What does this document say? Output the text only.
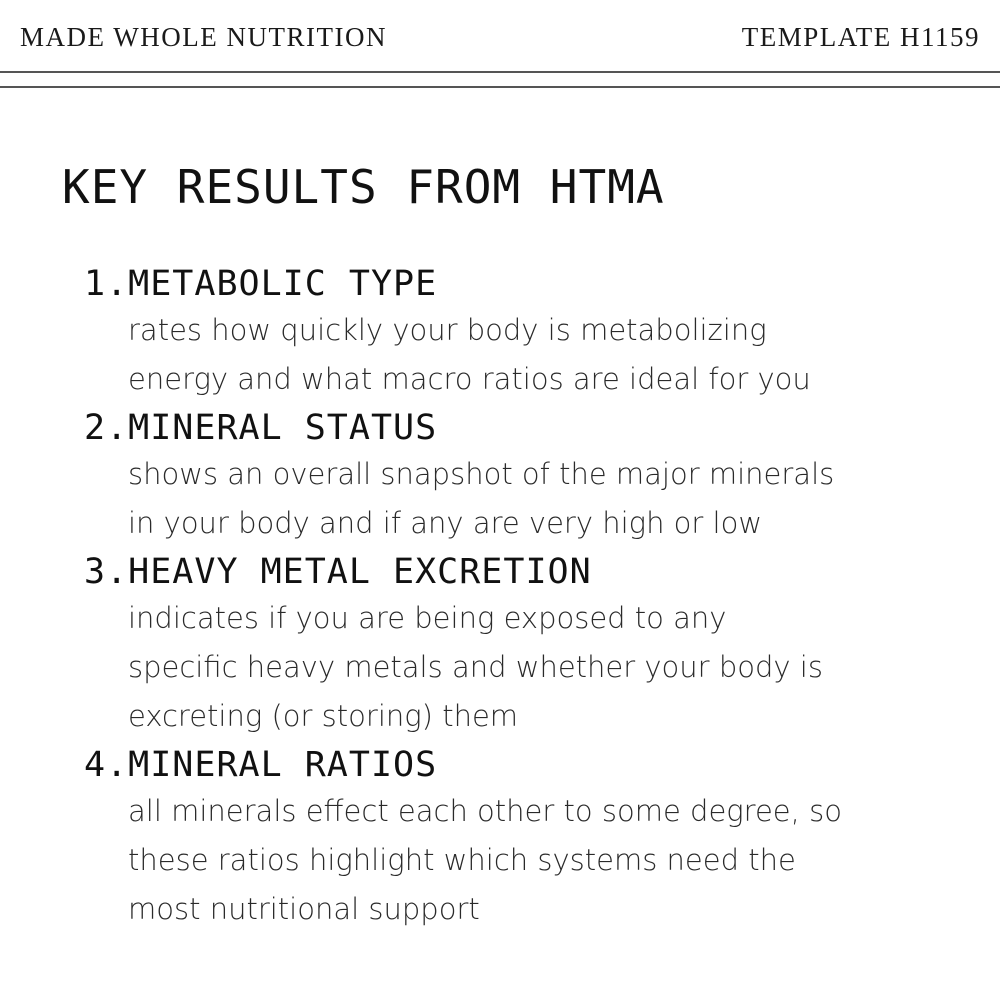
MADE WHOLE NUTRITION	TEMPLATE H1159
KEY RESULTS FROM HTMA
1.METABOLIC TYPE
rates how quickly your body is metabolizing
energy and what macro ratios are ideal for you
2.MINERAL STATUS
shows an overall snapshot of the major minerals
in your body and if any are very high or low
3.HEAVY METAL EXCRETION
indicates if you are being exposed to any
specific heavy metals and whether your body is
excreting (or storing) them
4.MINERAL RATIOS
all minerals effect each other to some degree, so
these ratios highlight which systems need the
most nutritional support
